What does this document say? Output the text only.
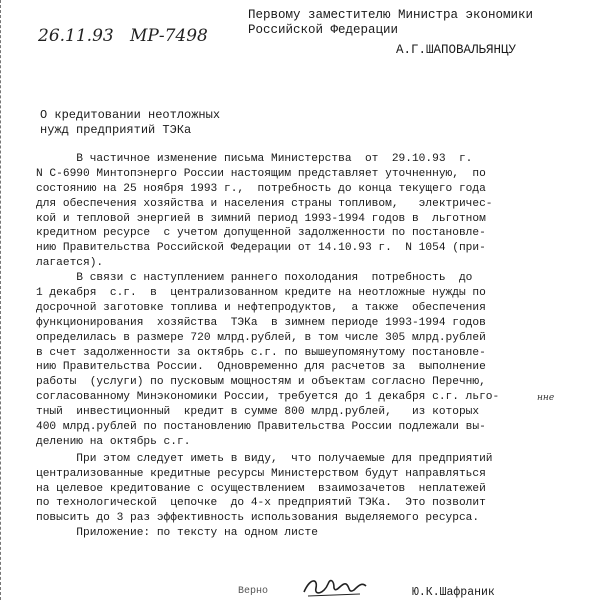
26.11.93 МР-7498
Первому заместителю Министра экономики
Российской Федерации
А.Г.ШАПОВАЛЬЯНЦУ
О кредитовании неотложных
нужд предприятий ТЭКа
В частичное изменение письма Министерства  от  29.10.93  г.
N С-6990 Минтопэнерго России настоящим представляет уточненную,  по
состоянию на 25 ноября 1993 г.,  потребность до конца текущего года
для обеспечения хозяйства и населения страны топливом,   электричес-
кой и тепловой энергией в зимний период 1993-1994 годов в  льготном
кредитном ресурсе  с учетом допущенной задолженности по постановле-
нию Правительства Российской Федерации от 14.10.93 г.  N 1054 (при-
лагается).
В связи с наступлением раннего похолодания  потребность  до
1 декабря  с.г.  в  централизованном кредите на неотложные нужды по
досрочной заготовке топлива и нефтепродуктов,  а также  обеспечения
функционирования  хозяйства  ТЭКа  в зимнем периоде 1993-1994 годов
определилась в размере 720 млрд.рублей, в том числе 305 млрд.рублей
в счет задолженности за октябрь с.г. по вышеупомянутому постановле-
нию Правительства России.  Одновременно для расчетов за  выполнение
работы  (услуги) по пусковым мощностям и объектам согласно Перечню,
согласованному Минэкономики России, требуется до 1 декабря с.г. льго-
тный  инвестиционный  кредит в сумме 800 млрд.рублей,   из которых
400 млрд.рублей по постановлению Правительства России подлежали вы-
делению на октябрь с.г.
При этом следует иметь в виду,  что получаемые для предприятий
централизованные кредитные ресурсы Министерством будут направляться
на целевое кредитование с осуществлением  взаимозачетов  неплатежей
по технологической  цепочке  до 4-х предприятий ТЭКа.  Это позволит
повысить до 3 раз эффективность использования выделяемого ресурса.
Приложение: по тексту на одном листе
нне
Верно	Ю.К.Шафраник
